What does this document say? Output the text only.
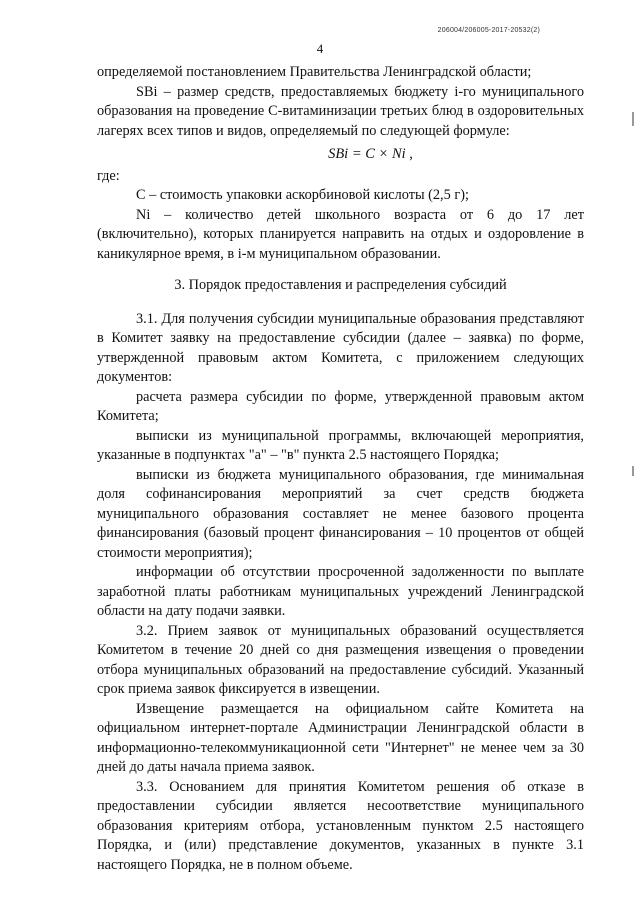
206004/206005-2017-20532(2)
4

определяемой постановлением Правительства Ленинградской области;

SBi – размер средств, предоставляемых бюджету i-го муниципального образования на проведение С-витаминизации третьих блюд в оздоровительных лагерях всех типов и видов, определяемый по следующей формуле:

SBi = C × Ni ,

где:

C – стоимость упаковки аскорбиновой кислоты (2,5 г);

Ni – количество детей школьного возраста от 6 до 17 лет (включительно), которых планируется направить на отдых и оздоровление в каникулярное время, в i-м муниципальном образовании.

3. Порядок предоставления и распределения субсидий

3.1. Для получения субсидии муниципальные образования представляют в Комитет заявку на предоставление субсидии (далее – заявка) по форме, утвержденной правовым актом Комитета, с приложением следующих документов:

расчета размера субсидии по форме, утвержденной правовым актом Комитета;

выписки из муниципальной программы, включающей мероприятия, указанные в подпунктах "а" – "в" пункта 2.5 настоящего Порядка;

выписки из бюджета муниципального образования, где минимальная доля софинансирования мероприятий за счет средств бюджета муниципального образования составляет не менее базового процента финансирования (базовый процент финансирования – 10 процентов от общей стоимости мероприятия);

информации об отсутствии просроченной задолженности по выплате заработной платы работникам муниципальных учреждений Ленинградской области на дату подачи заявки.

3.2. Прием заявок от муниципальных образований осуществляется Комитетом в течение 20 дней со дня размещения извещения о проведении отбора муниципальных образований на предоставление субсидий. Указанный срок приема заявок фиксируется в извещении.

Извещение размещается на официальном сайте Комитета на официальном интернет-портале Администрации Ленинградской области в информационно-телекоммуникационной сети "Интернет" не менее чем за 30 дней до даты начала приема заявок.

3.3. Основанием для принятия Комитетом решения об отказе в предоставлении субсидии является несоответствие муниципального образования критериям отбора, установленным пунктом 2.5 настоящего Порядка, и (или) представление документов, указанных в пункте 3.1 настоящего Порядка, не в полном объеме.
